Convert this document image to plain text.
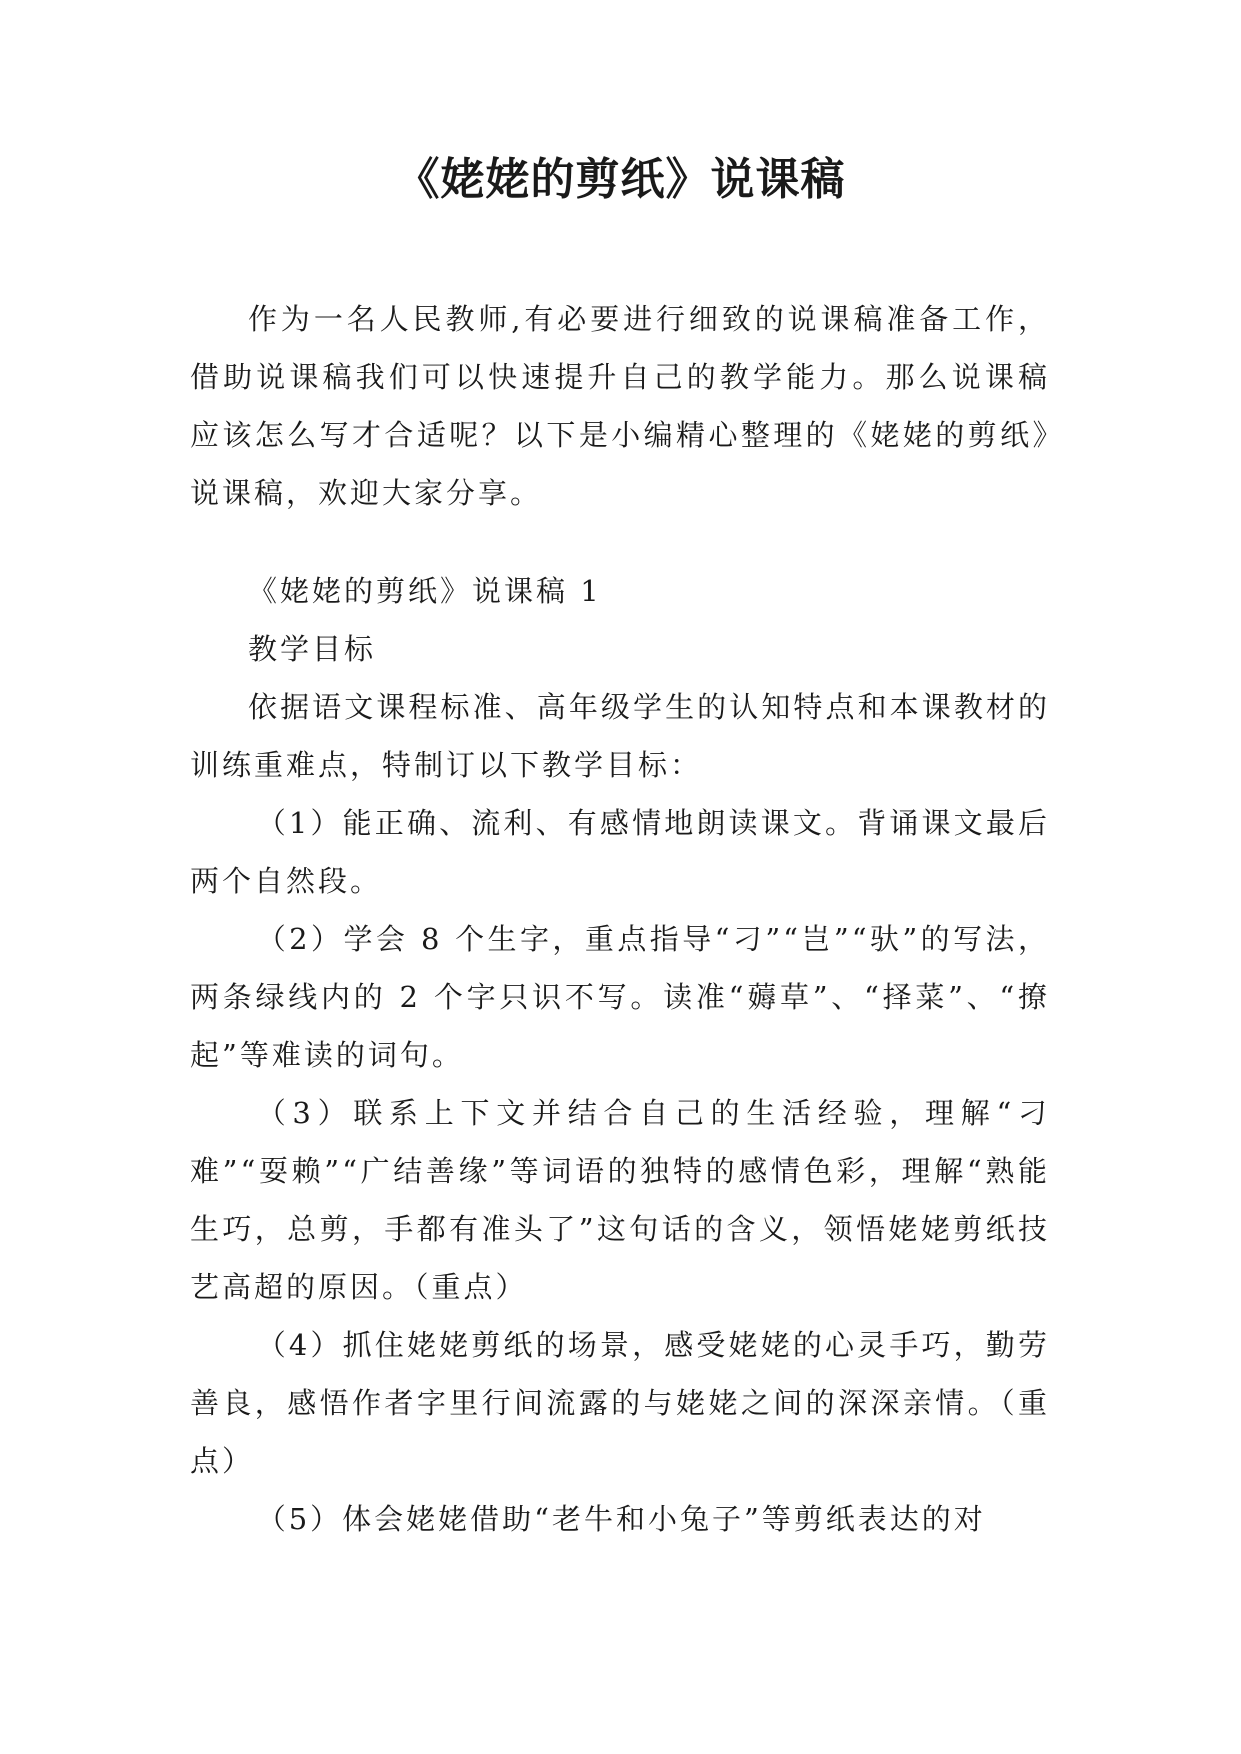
《姥姥的剪纸》说课稿

作为一名人民教师,有必要进行细致的说课稿准备工作，借助说课稿我们可以快速提升自己的教学能力。那么说课稿应该怎么写才合适呢？以下是小编精心整理的《姥姥的剪纸》说课稿，欢迎大家分享。

《姥姥的剪纸》说课稿 1

教学目标

依据语文课程标准、高年级学生的认知特点和本课教材的训练重难点，特制订以下教学目标：

（1）能正确、流利、有感情地朗读课文。背诵课文最后两个自然段。

（2）学会 8 个生字，重点指导“刁”“岂”“驮”的写法，两条绿线内的 2 个字只识不写。读准“薅草”、“择菜”、“撩起”等难读的词句。

（3）联系上下文并结合自己的生活经验，理解“刁难”“耍赖”“广结善缘”等词语的独特的感情色彩，理解“熟能生巧，总剪，手都有准头了”这句话的含义，领悟姥姥剪纸技艺高超的原因。（重点）

（4）抓住姥姥剪纸的场景，感受姥姥的心灵手巧，勤劳善良，感悟作者字里行间流露的与姥姥之间的深深亲情。（重点）

（5）体会姥姥借助“老牛和小兔子”等剪纸表达的对
